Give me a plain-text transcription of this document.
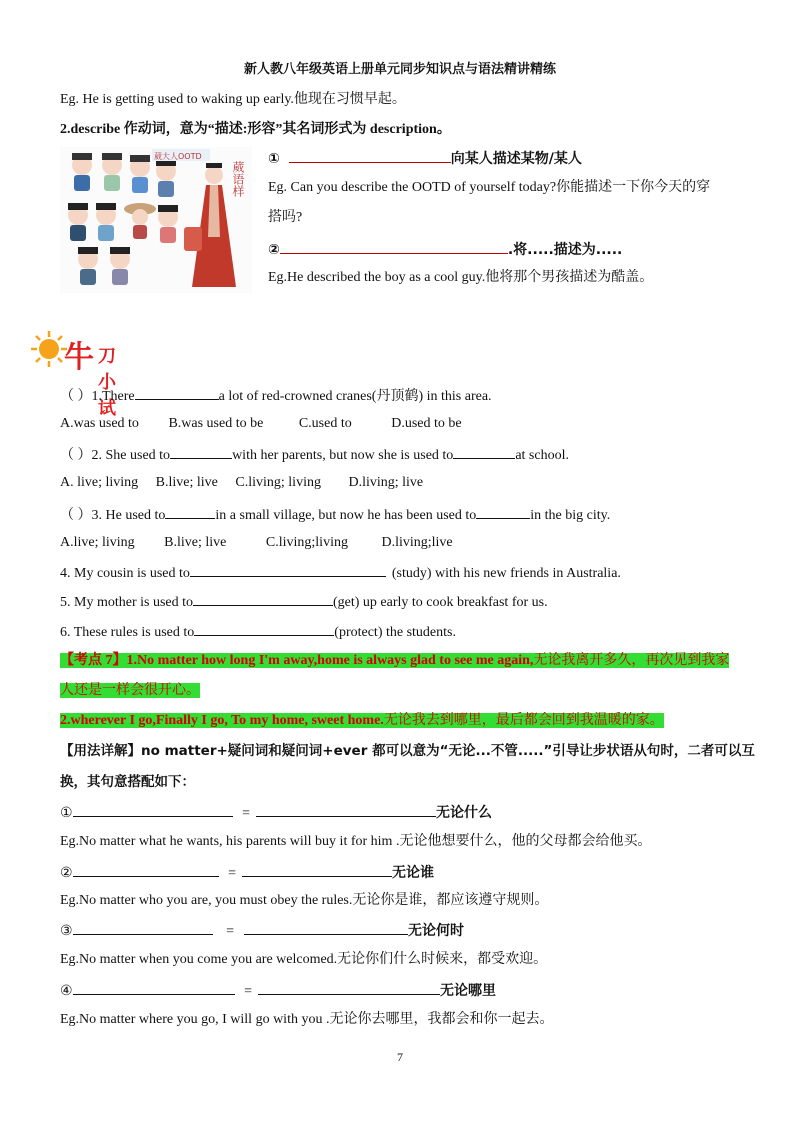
新人教八年级英语上册单元同步知识点与语法精讲精练
Eg. He is getting used to waking up early.他现在习惯早起。
2.describe 作动词，意为“描述:形容”其名词形式为 description。
葳大人OOTD
葳语样
①	向某人描述某物/某人
Eg. Can you describe the OOTD of yourself today?你能描述一下你今天的穿
搭吗?
②	.将.....描述为.....
Eg.He described the boy as a cool guy.他将那个男孩描述为酷盖。
牛 刀小试
（ ）1.There	a lot of red-crowned cranes(丹顶鹤) in this area.
A.was used to B.was used to be	C.used to	D.used to be
（ ）2. She used to	with her parents, but now she is used to	at school.
A. live; living B.live; live C.living; living D.living; live
（ ）3. He used to	in a small village, but now he has been used to	in the big city.
A.live; living B.live; live	C.living;living D.living;live
4. My cousin is used to	(study) with his new friends in Australia.
5. My mother is used to	(get) up early to cook breakfast for us.
6. These rules is used to	(protect) the students.
【考点 7】1.No matter how long I'm away,home is always glad to see me again,无论我离开多久，再次见到我家
人还是一样会很开心。
2.wherever I go,Finally I go, To my home, sweet home.无论我去到哪里，最后都会回到我温暖的家。
【用法详解】no matter+疑问词和疑问词+ever 都可以意为“无论...不管.....”引导让步状语从句时，二者可以互
换，其句意搭配如下：
①	=	无论什么
Eg.No matter what he wants, his parents will buy it for him .无论他想要什么，他的父母都会给他买。
②	=	无论谁
Eg.No matter who you are, you must obey the rules.无论你是谁，都应该遵守规则。
③	=	无论何时
Eg.No matter when you come you are welcomed.无论你们什么时候来，都受欢迎。
④	=	无论哪里
Eg.No matter where you go, I will go with you .无论你去哪里，我都会和你一起去。
7
